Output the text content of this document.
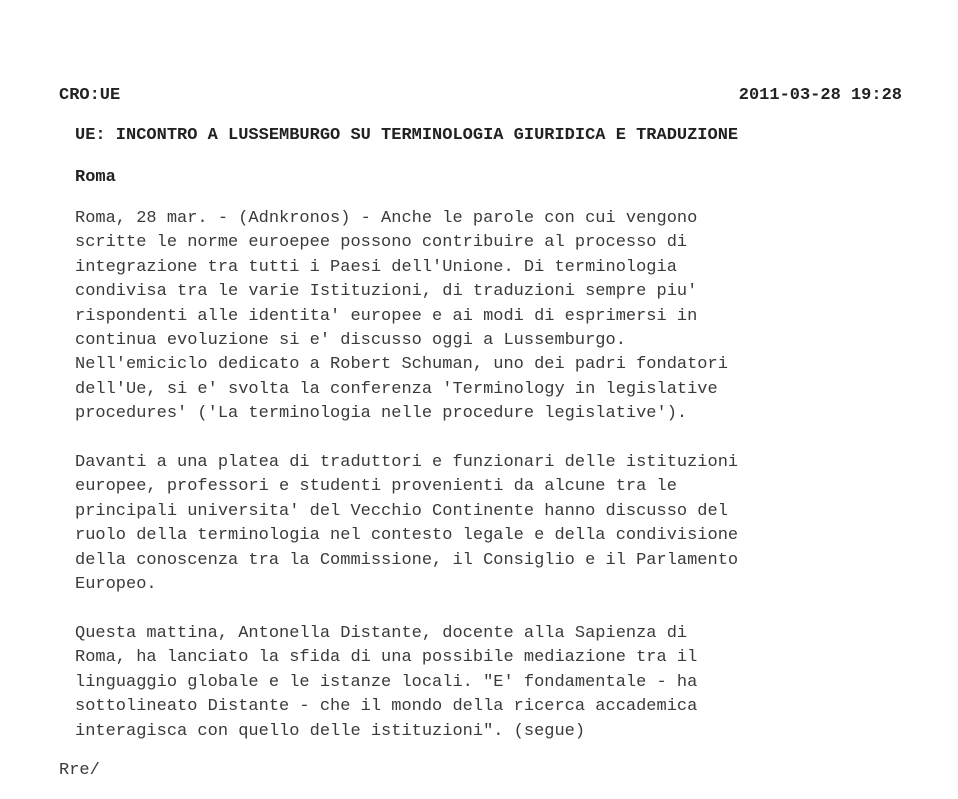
CRO:UE	2011-03-28 19:28
UE: INCONTRO A LUSSEMBURGO SU TERMINOLOGIA GIURIDICA E TRADUZIONE
Roma

Roma, 28 mar. - (Adnkronos) - Anche le parole con cui vengono
scritte le norme euroepee possono contribuire al processo di
integrazione tra tutti i Paesi dell'Unione. Di terminologia
condivisa tra le varie Istituzioni, di traduzioni sempre piu'
rispondenti alle identita' europee e ai modi di esprimersi in
continua evoluzione si e' discusso oggi a Lussemburgo.
Nell'emiciclo dedicato a Robert Schuman, uno dei padri fondatori
dell'Ue, si e' svolta la conferenza 'Terminology in legislative
procedures' ('La terminologia nelle procedure legislative').

Davanti a una platea di traduttori e funzionari delle istituzioni
europee, professori e studenti provenienti da alcune tra le
principali universita' del Vecchio Continente hanno discusso del
ruolo della terminologia nel contesto legale e della condivisione
della conoscenza tra la Commissione, il Consiglio e il Parlamento
Europeo.

Questa mattina, Antonella Distante, docente alla Sapienza di
Roma, ha lanciato la sfida di una possibile mediazione tra il
linguaggio globale e le istanze locali. "E' fondamentale - ha
sottolineato Distante - che il mondo della ricerca accademica
interagisca con quello delle istituzioni". (segue)

Rre/
